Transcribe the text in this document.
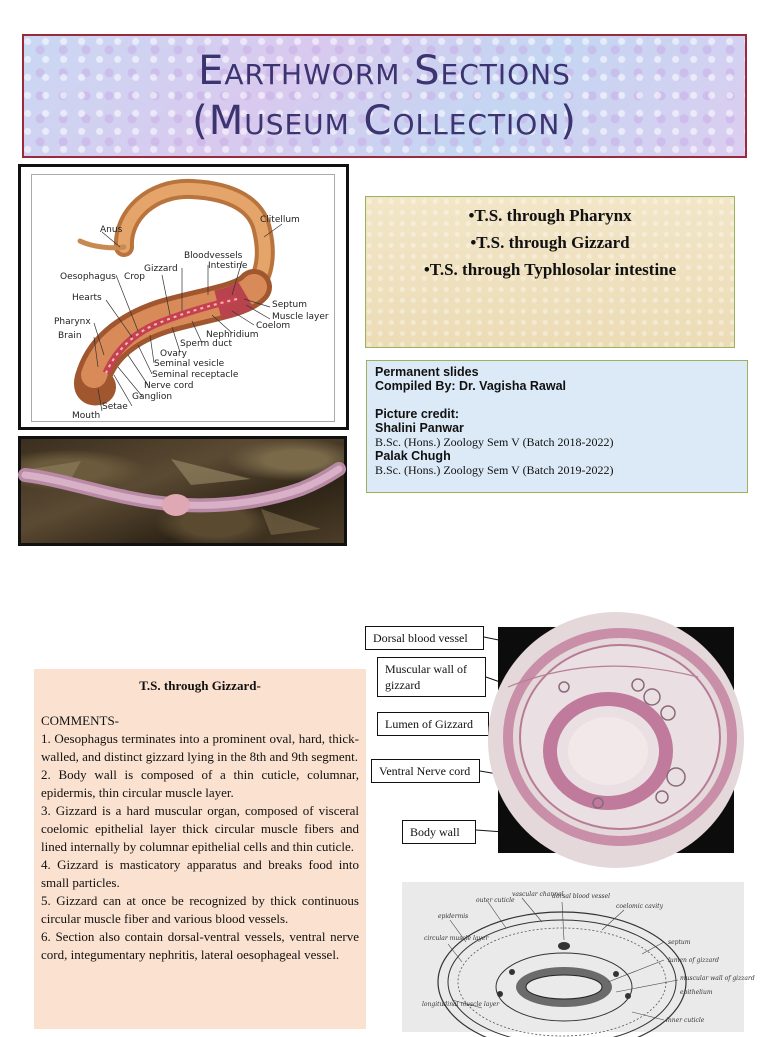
Earthworm Sections
(Museum Collection)
Anus
Clitellum
Bloodvessels
Intestine
Crop
Gizzard
Oesophagus
Hearts
Pharynx
Brain
Septum
Muscle layer
Coelom
Nephridium
Sperm duct
Ovary
Seminal vesicle
Seminal receptacle
Nerve cord
Ganglion
Setae
Mouth
•T.S. through Pharynx
•T.S. through Gizzard
•T.S. through Typhlosolar intestine
Permanent slides
Compiled By: Dr. Vagisha Rawal
Picture credit:
Shalini Panwar
B.Sc. (Hons.) Zoology Sem V (Batch 2018-2022)
Palak Chugh
B.Sc. (Hons.) Zoology Sem V (Batch 2019-2022)
T.S. through Gizzard-
COMMENTS-
1. Oesophagus terminates into a prominent oval, hard, thick-walled, and distinct gizzard lying in the 8th and 9th segment.
2. Body wall is composed of a thin cuticle, columnar, epidermis, thin circular muscle layer.
3. Gizzard is a hard muscular organ, composed of visceral coelomic epithelial layer thick circular muscle fibers and lined internally by columnar epithelial cells and thin cuticle.
4. Gizzard is masticatory apparatus and breaks food into small particles.
5. Gizzard can at once be recognized by thick continuous circular muscle fiber and various blood vessels.
6. Section also contain dorsal-ventral vessels, ventral nerve cord, integumentary nephritis, lateral oesophageal vessel.
Dorsal blood vessel
Muscular wall of gizzard
Lumen of Gizzard
Ventral Nerve cord
Body wall
outer cuticle
vascular channel
dorsal blood vessel
coelomic cavity
epidermis
circular muscle layer
septum
lumen of gizzard
muscular wall of gizzard
epithelium
longitudinal muscle layer
inner cuticle
